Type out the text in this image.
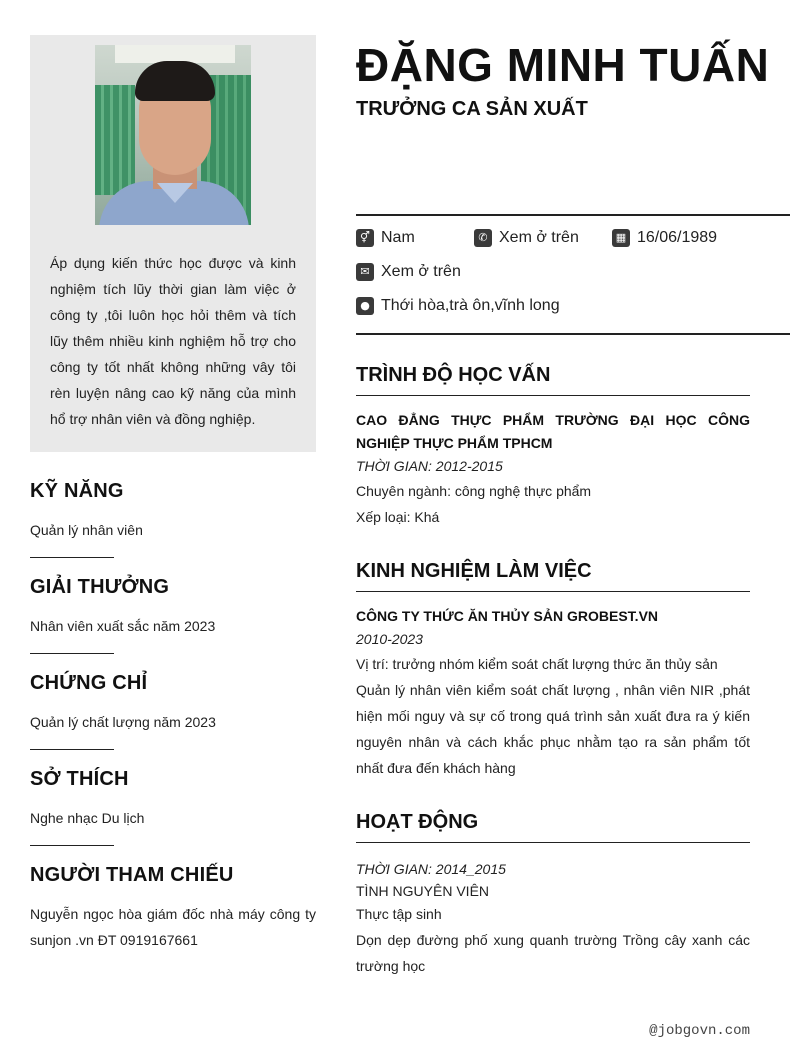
Áp dụng kiến thức học được và kinh nghiệm tích lũy thời gian làm việc ở công ty ,tôi luôn học hỏi thêm và tích lũy thêm nhiều kinh nghiệm hỗ trợ cho công ty tốt nhất không những vây tôi rèn luyện nâng cao kỹ năng của mình hổ trợ nhân viên và đồng nghiệp.

KỸ NĂNG

Quản lý nhân viên

GIẢI THƯỞNG

Nhân viên xuất sắc năm 2023

CHỨNG CHỈ

Quản lý chất lượng năm 2023

SỞ THÍCH

Nghe nhạc Du lịch

NGƯỜI THAM CHIẾU

Nguyễn ngọc hòa giám đốc nhà máy công ty sunjon .vn ĐT 0919167661

ĐẶNG MINH TUẤN
TRƯỞNG CA SẢN XUẤT
⚥ Nam	✆ Xem ở trên	▦ 16/06/1989
✉ Xem ở trên
● Thới hòa,trà ôn,vĩnh long
TRÌNH ĐỘ HỌC VẤN
CAO ĐẲNG THỰC PHẨM TRƯỜNG ĐẠI HỌC CÔNG NGHIỆP THỰC PHẨM TPHCM
THỜI GIAN: 2012-2015
Chuyên ngành: công nghệ thực phẩm
Xếp loại: Khá
KINH NGHIỆM LÀM VIỆC
CÔNG TY THỨC ĂN THỦY SẢN GROBEST.VN
2010-2023
Vị trí: trưởng nhóm kiểm soát chất lượng thức ăn thủy sản
Quản lý nhân viên kiểm soát chất lượng , nhân viên NIR ,phát hiện mối nguy và sự cố trong quá trình sản xuất đưa ra ý kiến nguyên nhân và cách khắc phục nhằm tạo ra sản phẩm tốt nhất đưa đến khách hàng
HOẠT ĐỘNG
THỜI GIAN: 2014_2015
TÌNH NGUYÊN VIÊN
Thực tập sinh
Dọn dẹp đường phố xung quanh trường Trồng cây xanh các trường học
@jobgovn.com
